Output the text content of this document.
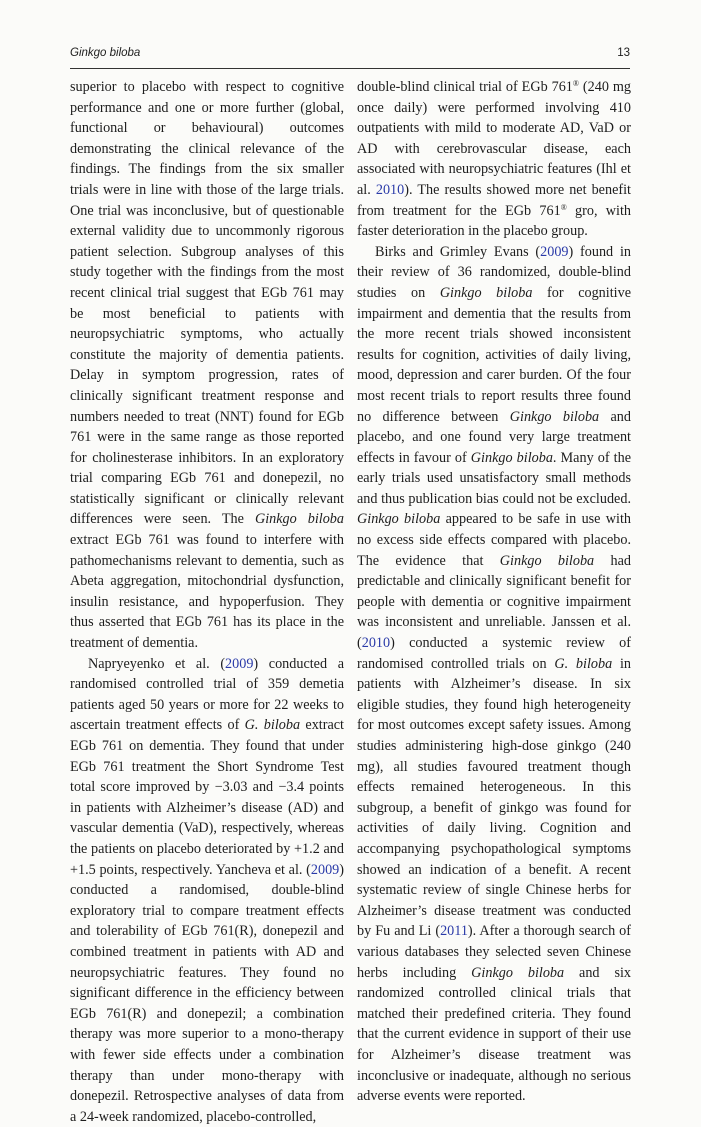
Ginkgo biloba	13

superior to placebo with respect to cognitive performance and one or more further (global, functional or behavioural) outcomes demonstrating the clinical relevance of the findings. The findings from the six smaller trials were in line with those of the large trials. One trial was inconclusive, but of questionable external validity due to uncommonly rigorous patient selection. Subgroup analyses of this study together with the findings from the most recent clinical trial suggest that EGb 761 may be most beneficial to patients with neuropsychiatric symptoms, who actually constitute the majority of dementia patients. Delay in symptom progression, rates of clinically significant treatment response and numbers needed to treat (NNT) found for EGb 761 were in the same range as those reported for cholinesterase inhibitors. In an exploratory trial comparing EGb 761 and donepezil, no statistically significant or clinically relevant differences were seen. The Ginkgo biloba extract EGb 761 was found to interfere with pathomechanisms relevant to dementia, such as Abeta aggregation, mitochondrial dysfunction, insulin resistance, and hypoperfusion. They thus asserted that EGb 761 has its place in the treatment of dementia.

Napryeyenko et al. (2009) conducted a randomised controlled trial of 359 demetia patients aged 50 years or more for 22 weeks to ascertain treatment effects of G. biloba extract EGb 761 on dementia. They found that under EGb 761 treatment the Short Syndrome Test total score improved by −3.03 and −3.4 points in patients with Alzheimer’s disease (AD) and vascular dementia (VaD), respectively, whereas the patients on placebo deteriorated by +1.2 and +1.5 points, respectively. Yancheva et al. (2009) conducted a randomised, double-blind exploratory trial to compare treatment effects and tolerability of EGb 761(R), donepezil and combined treatment in patients with AD and neuropsychiatric features. They found no significant difference in the efficiency between EGb 761(R) and donepezil; a combination therapy was more superior to a mono-therapy with fewer side effects under a combination therapy than under mono-therapy with donepezil. Retrospective analyses of data from a 24-week randomized, placebo-controlled,

double-blind clinical trial of EGb 761® (240 mg once daily) were performed involving 410 outpatients with mild to moderate AD, VaD or AD with cerebrovascular disease, each associated with neuropsychiatric features (Ihl et al. 2010). The results showed more net benefit from treatment for the EGb 761® gro, with faster deterioration in the placebo group.

Birks and Grimley Evans (2009) found in their review of 36 randomized, double-blind studies on Ginkgo biloba for cognitive impairment and dementia that the results from the more recent trials showed inconsistent results for cognition, activities of daily living, mood, depression and carer burden. Of the four most recent trials to report results three found no difference between Ginkgo biloba and placebo, and one found very large treatment effects in favour of Ginkgo biloba. Many of the early trials used unsatisfactory small methods and thus publication bias could not be excluded. Ginkgo biloba appeared to be safe in use with no excess side effects compared with placebo. The evidence that Ginkgo biloba had predictable and clinically significant benefit for people with dementia or cognitive impairment was inconsistent and unreliable. Janssen et al. (2010) conducted a systemic review of randomised controlled trials on G. biloba in patients with Alzheimer’s disease. In six eligible studies, they found high heterogeneity for most outcomes except safety issues. Among studies administering high-dose ginkgo (240 mg), all studies favoured treatment though effects remained heterogeneous. In this subgroup, a benefit of ginkgo was found for activities of daily living. Cognition and accompanying psychopathological symptoms showed an indication of a benefit. A recent systematic review of single Chinese herbs for Alzheimer’s disease treatment was conducted by Fu and Li (2011). After a thorough search of various databases they selected seven Chinese herbs including Ginkgo biloba and six randomized controlled clinical trials that matched their predefined criteria. They found that the current evidence in support of their use for Alzheimer’s disease treatment was inconclusive or inadequate, although no serious adverse events were reported.
